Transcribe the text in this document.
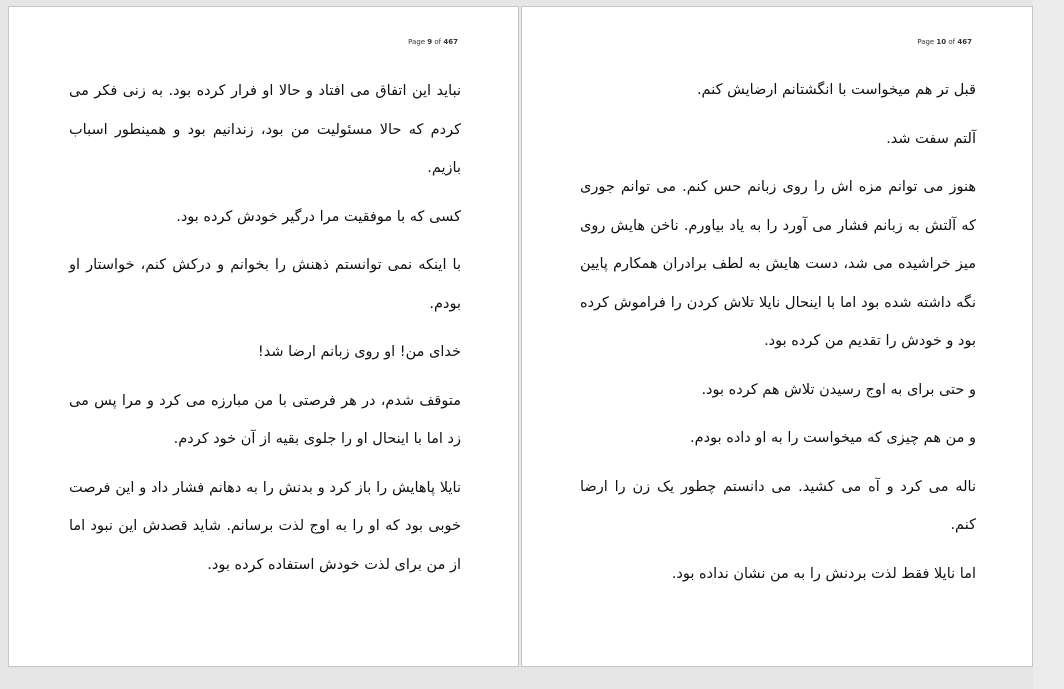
Page 9 of 467

نباید این اتفاق می افتاد و حالا او فرار کرده بود. به زنی فکر می کردم که حالا مسئولیت من بود، زندانیم بود و همینطور اسباب بازیم.

کسی که با موفقیت مرا درگیر خودش کرده بود.

با اینکه نمی توانستم ذهنش را بخوانم و درکش کنم، خواستار او بودم.

خدای من! او روی زبانم ارضا شد!

متوقف شدم، در هر فرصتی با من مبارزه می کرد و مرا پس می زد اما با اینحال او را جلوی بقیه از آن خود کردم.

نایلا پاهایش را باز کرد و بدنش را به دهانم فشار داد و این فرصت خوبی بود که او را به اوج لذت برسانم. شاید قصدش این نبود اما از من برای لذت خودش استفاده کرده بود.

Page 10 of 467

قبل تر هم میخواست با انگشتانم ارضایش کنم.

آلتم سفت شد.

هنوز می توانم مزه اش را روی زبانم حس کنم. می توانم جوری که آلتش به زبانم فشار می آورد را به یاد بیاورم. ناخن هایش روی میز خراشیده می شد، دست هایش به لطف برادران همکارم پایین نگه داشته شده بود اما با اینحال نایلا تلاش کردن را فراموش کرده بود و خودش را تقدیم من کرده بود.

و حتی برای به اوج رسیدن تلاش هم کرده بود.

و من هم چیزی که میخواست را به او داده بودم.

ناله می کرد و آه می کشید. می دانستم چطور یک زن را ارضا کنم.

اما نایلا فقط لذت بردنش را به من نشان نداده بود.
